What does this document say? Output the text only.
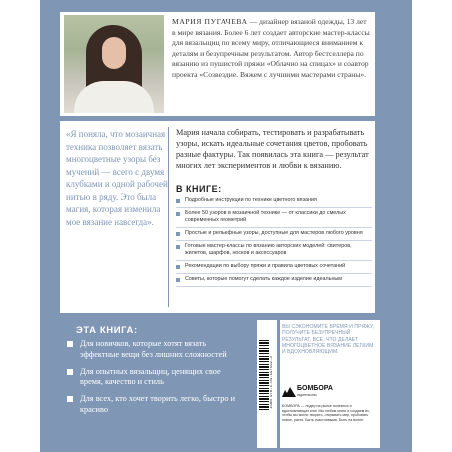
МАРИЯ ПУГАЧЕВА — дизайнер вязаной одежды, 13 лет в мире вязания. Более 6 лет создает авторские мастер-классы для вязальщиц по всему миру, отличающиеся вниманием к деталям и безупречным результатом. Автор бестселлера по вязанию из пушистой пряжи «Облачно на спицах» и соавтор проекта «Созвездие. Вяжем с лучшими мастерами страны».
«Я поняла, что мозаичная техника позволяет вязать многоцветные узоры без мучений — всего с двумя клубками и одной рабочей нитью в ряду. Это была магия, которая изменила мое вязание навсегда».
Мария начала собирать, тестировать и разрабатывать узоры, искать идеальные сочетания цветов, пробовать разные фактуры. Так появилась эта книга — результат многих лет экспериментов и любви к вязанию.
В КНИГЕ:
Подробные инструкции по технике цветного вязания
Более 50 узоров в мозаичной технике — от классики до смелых современных геометрий
Простые и рельефные узоры, доступные для мастеров любого уровня
Готовые мастер-классы по вязанию авторских моделей: свитеров, жилетов, шарфов, носков и аксессуаров
Рекомендации по выбору пряжи и правила цветовых сочетаний
Советы, которые помогут сделать каждое изделие идеальным
ЭТА КНИГА:
Для новичков, которые хотят вязать эффектные вещи без лишних сложностей
Для опытных вязальщиц, ценящих свое время, качество и стиль
Для всех, кто хочет творить легко, быстро и красиво
ISBN 978-5-04-197592-3
ВЫ СЭКОНОМИТЕ ВРЕМЯ И ПРЯЖУ, ПОЛУЧИТЕ БЕЗУПРЕЧНЫЙ РЕЗУЛЬТАТ, ВСЕ, ЧТО ДЕЛАЕТ МНОГОЦВЕТНОЕ ВЯЗАНИЕ ЛЕГКИМ И ВДОХНОВЛЯЮЩИМ.
БОМБОРА
издательство
БОМБОРА — лидер на рынке полезных и вдохновляющих книг. Мы любим книги и создаем их, чтобы вы могли творить, открывать мир, пробовать новое, расти. Быть счастливыми. Быть на волне.
